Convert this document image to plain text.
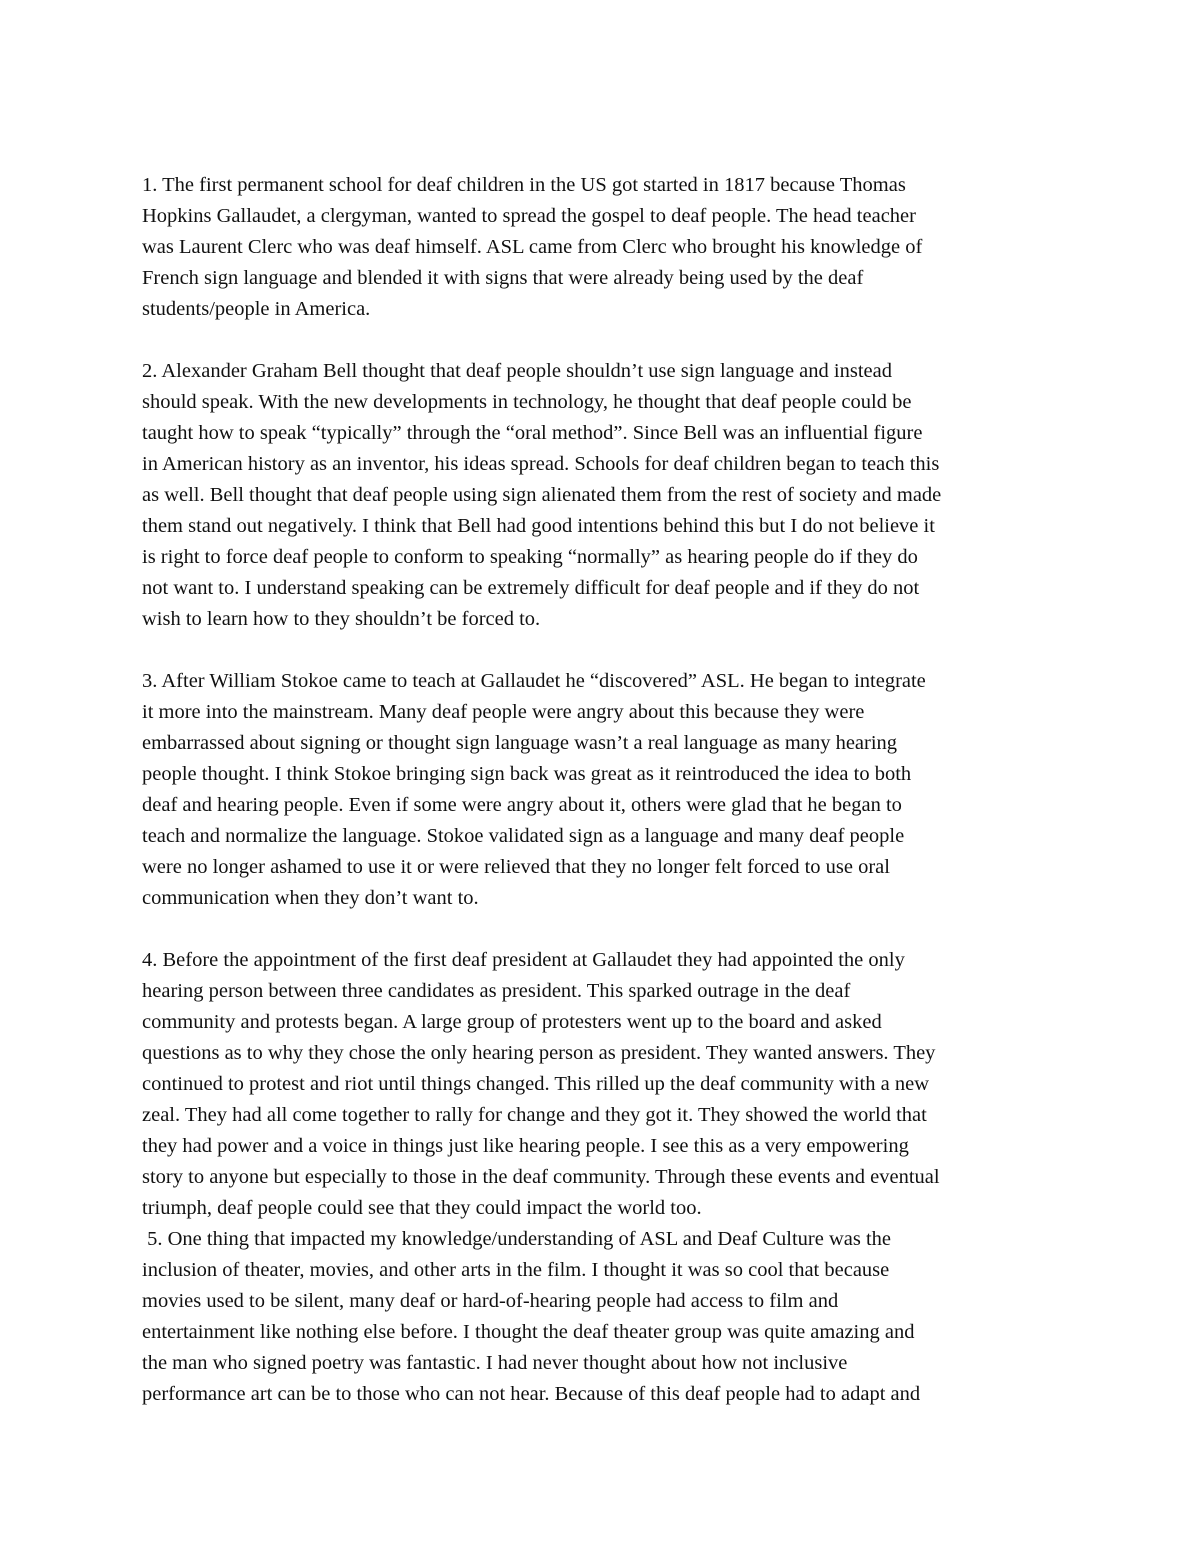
1. The first permanent school for deaf children in the US got started in 1817 because Thomas
Hopkins Gallaudet, a clergyman, wanted to spread the gospel to deaf people. The head teacher
was Laurent Clerc who was deaf himself. ASL came from Clerc who brought his knowledge of
French sign language and blended it with signs that were already being used by the deaf
students/people in America.
2. Alexander Graham Bell thought that deaf people shouldn’t use sign language and instead
should speak. With the new developments in technology, he thought that deaf people could be
taught how to speak “typically” through the “oral method”. Since Bell was an influential figure
in American history as an inventor, his ideas spread. Schools for deaf children began to teach this
as well. Bell thought that deaf people using sign alienated them from the rest of society and made
them stand out negatively. I think that Bell had good intentions behind this but I do not believe it
is right to force deaf people to conform to speaking “normally” as hearing people do if they do
not want to. I understand speaking can be extremely difficult for deaf people and if they do not
wish to learn how to they shouldn’t be forced to.
3. After William Stokoe came to teach at Gallaudet he “discovered” ASL. He began to integrate
it more into the mainstream. Many deaf people were angry about this because they were
embarrassed about signing or thought sign language wasn’t a real language as many hearing
people thought. I think Stokoe bringing sign back was great as it reintroduced the idea to both
deaf and hearing people. Even if some were angry about it, others were glad that he began to
teach and normalize the language. Stokoe validated sign as a language and many deaf people
were no longer ashamed to use it or were relieved that they no longer felt forced to use oral
communication when they don’t want to.
4. Before the appointment of the first deaf president at Gallaudet they had appointed the only
hearing person between three candidates as president. This sparked outrage in the deaf
community and protests began. A large group of protesters went up to the board and asked
questions as to why they chose the only hearing person as president. They wanted answers. They
continued to protest and riot until things changed. This rilled up the deaf community with a new
zeal. They had all come together to rally for change and they got it. They showed the world that
they had power and a voice in things just like hearing people. I see this as a very empowering
story to anyone but especially to those in the deaf community. Through these events and eventual
triumph, deaf people could see that they could impact the world too.
5. One thing that impacted my knowledge/understanding of ASL and Deaf Culture was the
inclusion of theater, movies, and other arts in the film. I thought it was so cool that because
movies used to be silent, many deaf or hard-of-hearing people had access to film and
entertainment like nothing else before. I thought the deaf theater group was quite amazing and
the man who signed poetry was fantastic. I had never thought about how not inclusive
performance art can be to those who can not hear. Because of this deaf people had to adapt and
